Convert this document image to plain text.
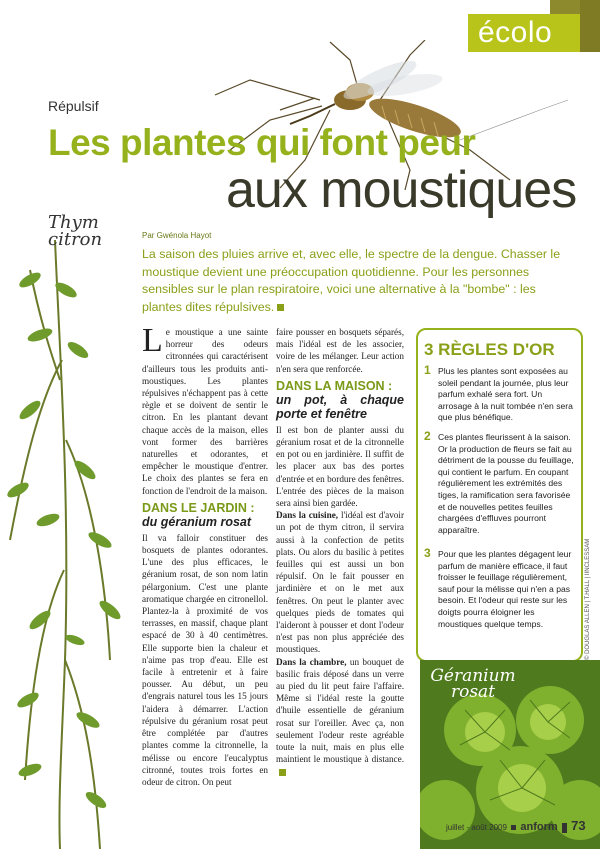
écolo
Répulsif
Les plantes qui font peur
aux moustiques
Thym citron	Par Gwénola Hayot
La saison des pluies arrive et, avec elle, le spectre de la dengue. Chasser le moustique devient une préoccupation quotidienne. Pour les personnes sensibles sur le plan respiratoire, voici une alternative à la "bombe" : les plantes dites répulsives.

Le moustique a une sainte horreur des odeurs citronnées qui caractérisent d'ailleurs tous les produits anti-moustiques. Les plantes répulsives n'échappent pas à cette règle et se doivent de sentir le citron. En les plantant devant chaque accès de la maison, elles vont former des barrières naturelles et odorantes, et empêcher le moustique d'entrer. Le choix des plantes se fera en fonction de l'endroit de la maison.

DANS LE JARDIN :
du géranium rosat

Il va falloir constituer des bosquets de plantes odorantes. L'une des plus efficaces, le géranium rosat, de son nom latin pélargonium. C'est une plante aromatique chargée en citronellol. Plantez-la à proximité de vos terrasses, en massif, chaque plant espacé de 30 à 40 centimètres. Elle supporte bien la chaleur et n'aime pas trop d'eau. Elle est facile à entretenir et à faire pousser. Au début, un peu d'engrais naturel tous les 15 jours l'aidera à démarrer. L'action répulsive du géranium rosat peut être complétée par d'autres plantes comme la citronnelle, la mélisse ou encore l'eucalyptus citronné, toutes trois fortes en odeur de citron. On peut

faire pousser en bosquets séparés, mais l'idéal est de les associer, voire de les mélanger. Leur action n'en sera que renforcée.

DANS LA MAISON :
un pot, à chaque porte et fenêtre

Il est bon de planter aussi du géranium rosat et de la citronnelle en pot ou en jardinière. Il suffit de les placer aux bas des portes d'entrée et en bordure des fenêtres. L'entrée des pièces de la maison sera ainsi bien gardée.

Dans la cuisine, l'idéal est d'avoir un pot de thym citron, il servira aussi à la confection de petits plats. Ou alors du basilic à petites feuilles qui est aussi un bon répulsif. On le fait pousser en jardinière et on le met aux fenêtres. On peut le planter avec quelques pieds de tomates qui l'aideront à pousser et dont l'odeur n'est pas non plus appréciée des moustiques.

Dans la chambre, un bouquet de basilic frais déposé dans un verre au pied du lit peut faire l'affaire. Même si l'idéal reste la goutte d'huile essentielle de géranium rosat sur l'oreiller. Avec ça, non seulement l'odeur reste agréable toute la nuit, mais en plus elle maintient le moustique à distance.

3 RÈGLES D'OR
1 Plus les plantes sont exposées au soleil pendant la journée, plus leur parfum exhalé sera fort. Un arrosage à la nuit tombée n'en sera que plus bénéfique.
2 Ces plantes fleurissent à la saison. Or la production de fleurs se fait au détriment de la pousse du feuillage, qui contient le parfum. En coupant régulièrement les extrémités des tiges, la ramification sera favorisée et de nouvelles petites feuilles chargées d'effluves pourront apparaître.
3 Pour que les plantes dégagent leur parfum de manière efficace, il faut froisser le feuillage régulièrement, sauf pour la mélisse qui n'en a pas besoin. Et l'odeur qui reste sur les doigts pourra éloigner les moustiques quelque temps.	© DOUGLAS ALLEN | T.HALL | IINCLESSAM
Géranium rosat
juillet - août 2009 anform 73
